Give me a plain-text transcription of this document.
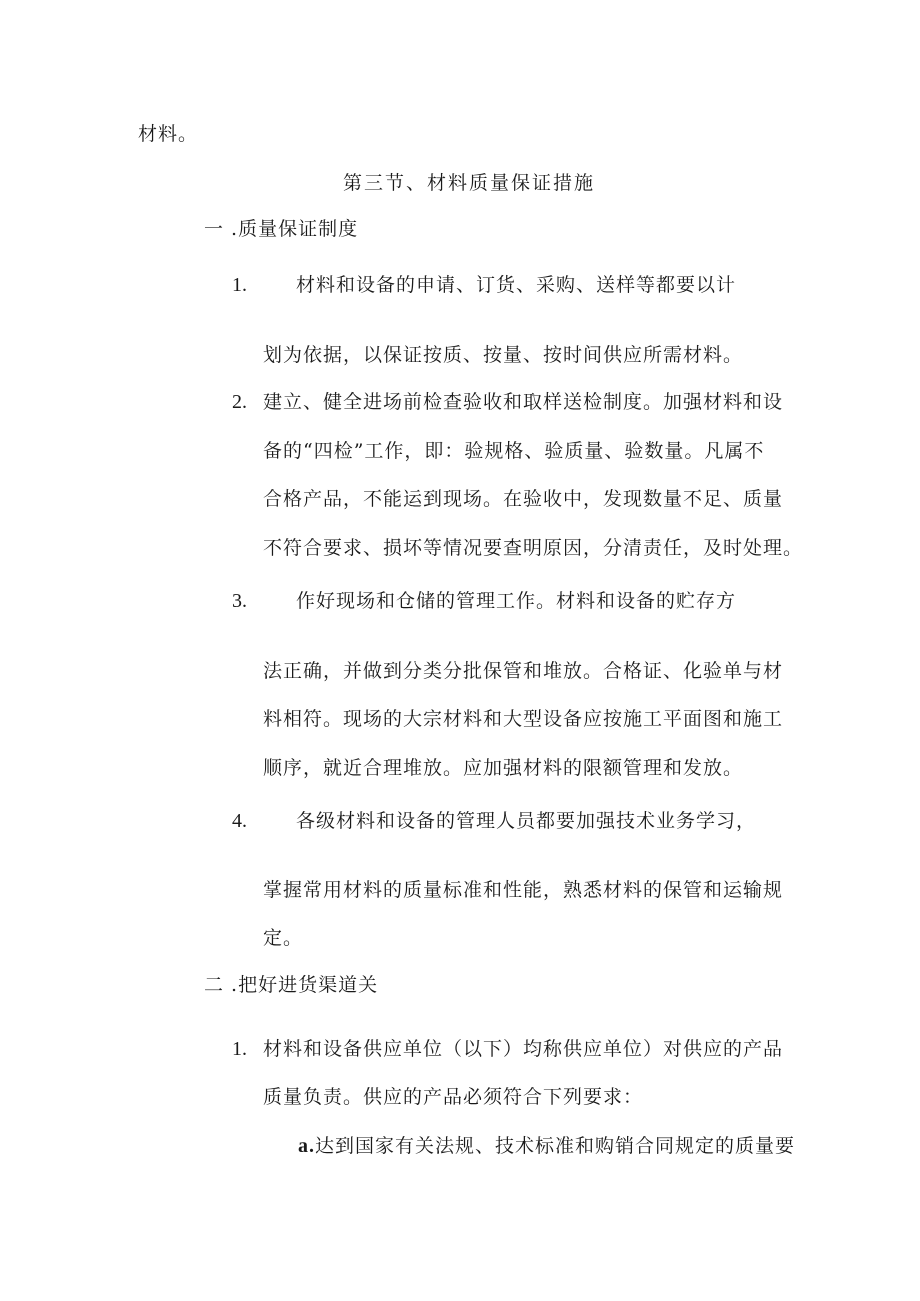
材料。
第三节、材料质量保证措施
一 .质量保证制度
1.	材料和设备的申请、订货、采购、送样等都要以计
划为依据，以保证按质、按量、按时间供应所需材料。
2. 建立、健全进场前检查验收和取样送检制度。加强材料和设
备的“四检”工作，即：验规格、验质量、验数量。凡属不
合格产品，不能运到现场。在验收中，发现数量不足、质量
不符合要求、损坏等情况要查明原因，分清责任，及时处理。
3.	作好现场和仓储的管理工作。材料和设备的贮存方
法正确，并做到分类分批保管和堆放。合格证、化验单与材
料相符。现场的大宗材料和大型设备应按施工平面图和施工
顺序，就近合理堆放。应加强材料的限额管理和发放。
4.	各级材料和设备的管理人员都要加强技术业务学习，
掌握常用材料的质量标准和性能，熟悉材料的保管和运输规
定。
二 .把好进货渠道关
1. 材料和设备供应单位（以下）均称供应单位）对供应的产品
质量负责。供应的产品必须符合下列要求：
a.达到国家有关法规、技术标准和购销合同规定的质量要
